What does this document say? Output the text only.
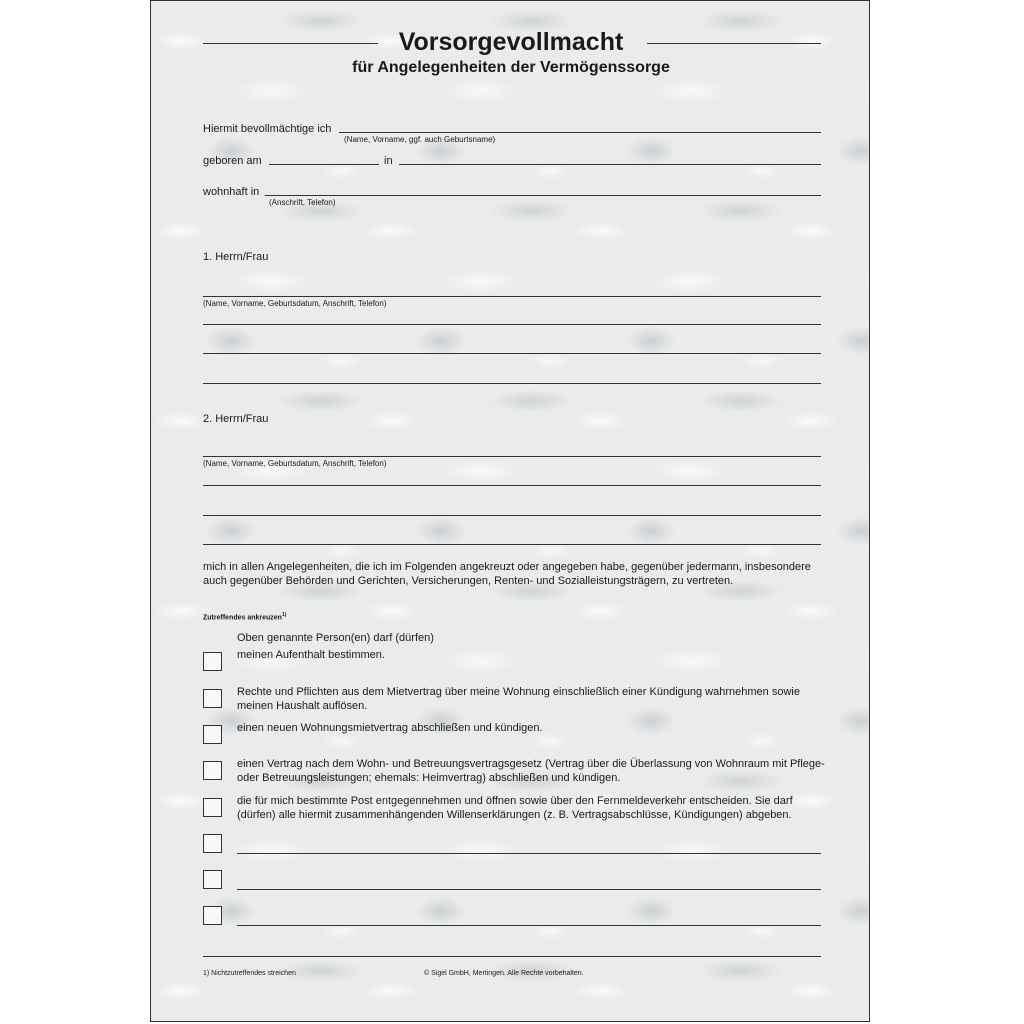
Vorsorgevollmacht
für Angelegenheiten der Vermögenssorge
Hiermit bevollmächtige ich
(Name, Vorname, ggf. auch Geburtsname)
geboren am	in
wohnhaft in
(Anschrift, Telefon)
1. Herrn/Frau
(Name, Vorname, Geburtsdatum, Anschrift, Telefon)
2. Herrn/Frau
(Name, Vorname, Geburtsdatum, Anschrift, Telefon)
mich in allen Angelegenheiten, die ich im Folgenden angekreuzt oder angegeben habe, gegenüber jedermann, insbesondere auch gegenüber Behörden und Gerichten, Versicherungen, Renten- und Sozialleistungsträgern, zu vertreten.
Zutreffendes ankreuzen$^{1)}$
Oben genannte Person(en) darf (dürfen)
meinen Aufenthalt bestimmen.
Rechte und Pflichten aus dem Mietvertrag über meine Wohnung einschließlich einer Kündigung wahrnehmen sowie meinen Haushalt auflösen.
einen neuen Wohnungsmietvertrag abschließen und kündigen.
einen Vertrag nach dem Wohn- und Betreuungsvertragsgesetz (Vertrag über die Überlassung von Wohnraum mit Pflege- oder Betreuungsleistungen; ehemals: Heimvertrag) abschließen und kündigen.
die für mich bestimmte Post entgegennehmen und öffnen sowie über den Fernmeldeverkehr entscheiden. Sie darf (dürfen) alle hiermit zusammenhängenden Willenserklärungen (z. B. Vertragsabschlüsse, Kündigungen) abgeben.
1) Nichtzutreffendes streichen	© Sigel GmbH, Mertingen. Alle Rechte vorbehalten.
